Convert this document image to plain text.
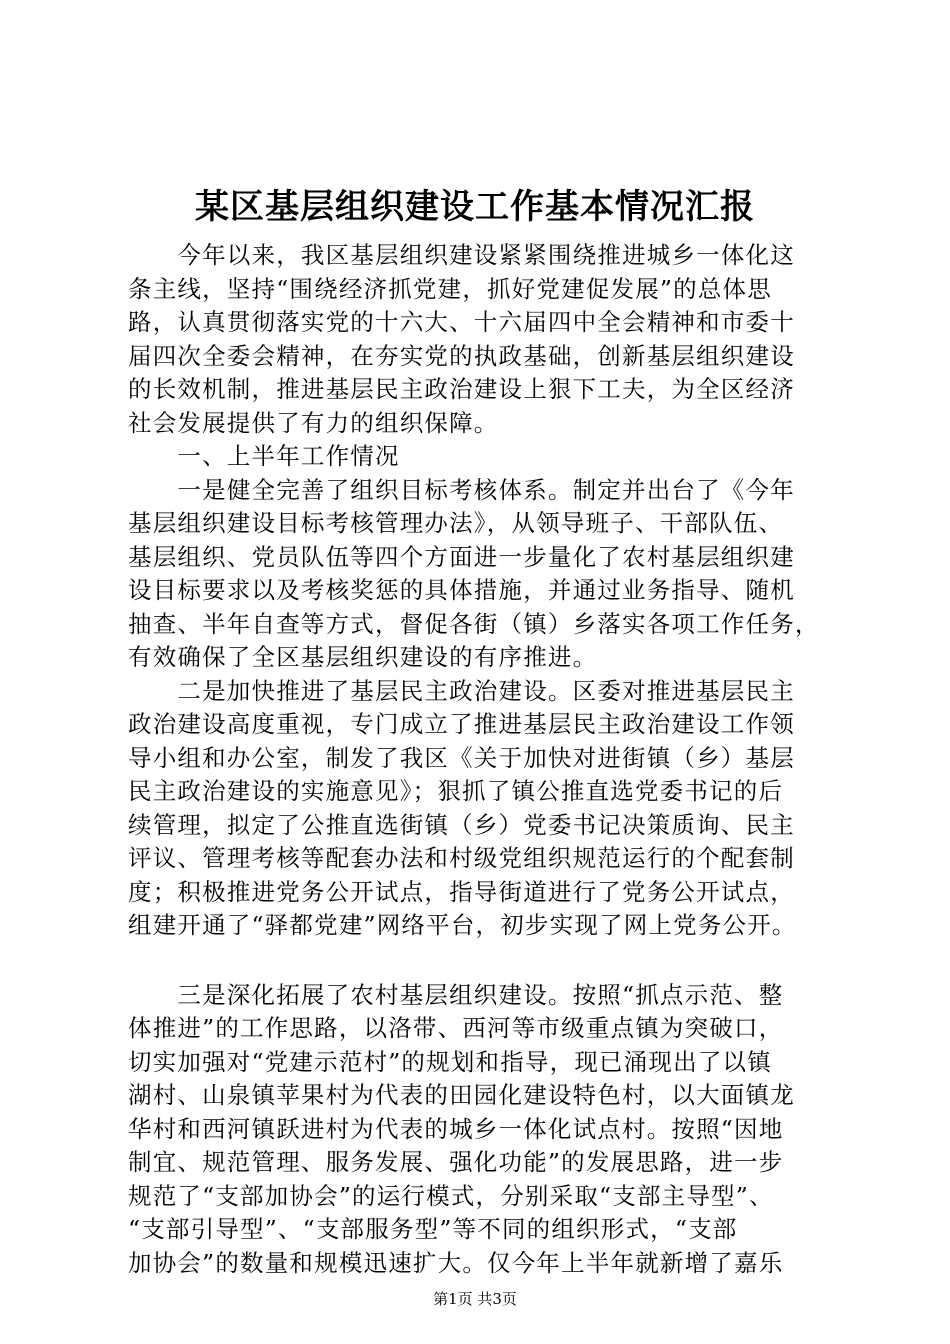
某区基层组织建设工作基本情况汇报
　　今年以来，我区基层组织建设紧紧围绕推进城乡一体化这
条主线，坚持“围绕经济抓党建，抓好党建促发展”的总体思
路，认真贯彻落实党的十六大、十六届四中全会精神和市委十
届四次全委会精神，在夯实党的执政基础，创新基层组织建设
的长效机制，推进基层民主政治建设上狠下工夫，为全区经济
社会发展提供了有力的组织保障。
　　一、上半年工作情况
　　一是健全完善了组织目标考核体系。制定并出台了《今年
基层组织建设目标考核管理办法》，从领导班子、干部队伍、
基层组织、党员队伍等四个方面进一步量化了农村基层组织建
设目标要求以及考核奖惩的具体措施，并通过业务指导、随机
抽查、半年自查等方式，督促各街（镇）乡落实各项工作任务，
有效确保了全区基层组织建设的有序推进。
　　二是加快推进了基层民主政治建设。区委对推进基层民主
政治建设高度重视，专门成立了推进基层民主政治建设工作领
导小组和办公室，制发了我区《关于加快对进街镇（乡）基层
民主政治建设的实施意见》；狠抓了镇公推直选党委书记的后
续管理，拟定了公推直选街镇（乡）党委书记决策质询、民主
评议、管理考核等配套办法和村级党组织规范运行的个配套制
度；积极推进党务公开试点，指导街道进行了党务公开试点，
组建开通了“驿都党建”网络平台，初步实现了网上党务公开。
　　三是深化拓展了农村基层组织建设。按照“抓点示范、整
体推进”的工作思路，以洛带、西河等市级重点镇为突破口，
切实加强对“党建示范村”的规划和指导，现已涌现出了以镇
湖村、山泉镇苹果村为代表的田园化建设特色村，以大面镇龙
华村和西河镇跃进村为代表的城乡一体化试点村。按照“因地
制宜、规范管理、服务发展、强化功能”的发展思路，进一步
规范了“支部加协会”的运行模式，分别采取“支部主导型”、
“支部引导型”、“支部服务型”等不同的组织形式，“支部
加协会”的数量和规模迅速扩大。仅今年上半年就新增了嘉乐
第1页 共3页
